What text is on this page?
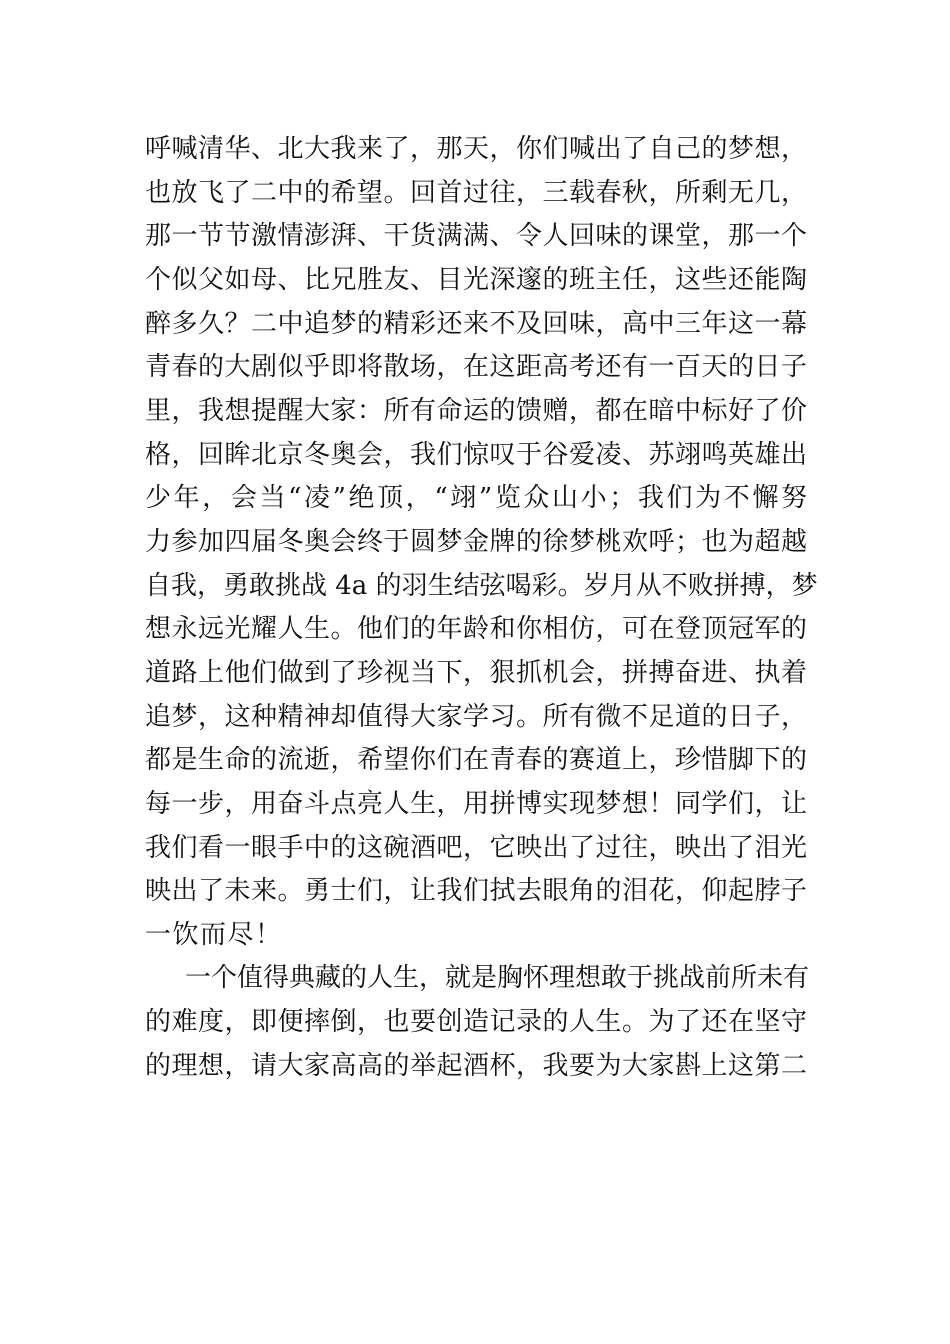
呼喊清华、北大我来了，那天，你们喊出了自己的梦想，
也放飞了二中的希望。回首过往，三载春秋，所剩无几，
那一节节激情澎湃、干货满满、令人回味的课堂，那一个
个似父如母、比兄胜友、目光深邃的班主任，这些还能陶
醉多久？二中追梦的精彩还来不及回味，高中三年这一幕
青春的大剧似乎即将散场，在这距高考还有一百天的日子
里，我想提醒大家：所有命运的馈赠，都在暗中标好了价
格，回眸北京冬奥会，我们惊叹于谷爱凌、苏翊鸣英雄出
少年，会当“凌”绝顶，“翊”览众山小；我们为不懈努
力参加四届冬奥会终于圆梦金牌的徐梦桃欢呼；也为超越
自我，勇敢挑战 4a 的羽生结弦喝彩。岁月从不败拼搏，梦
想永远光耀人生。他们的年龄和你相仿，可在登顶冠军的
道路上他们做到了珍视当下，狠抓机会，拼搏奋进、执着
追梦，这种精神却值得大家学习。所有微不足道的日子，
都是生命的流逝，希望你们在青春的赛道上，珍惜脚下的
每一步，用奋斗点亮人生，用拼博实现梦想！同学们，让
我们看一眼手中的这碗酒吧，它映出了过往，映出了泪光
映出了未来。勇士们，让我们拭去眼角的泪花，仰起脖子
一饮而尽！
一个值得典藏的人生，就是胸怀理想敢于挑战前所未有
的难度，即便摔倒，也要创造记录的人生。为了还在坚守
的理想，请大家高高的举起酒杯，我要为大家斟上这第二
